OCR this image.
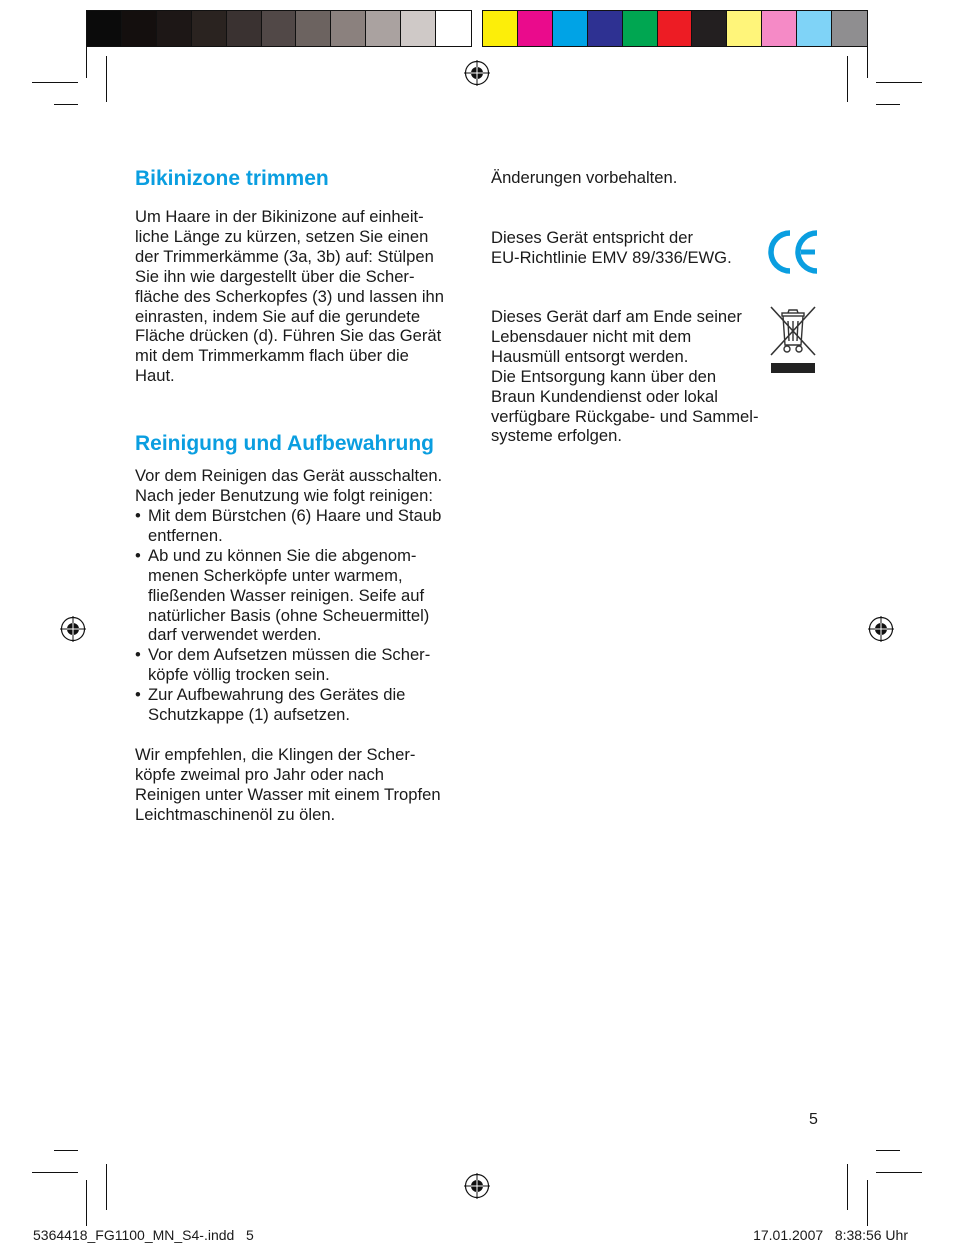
Bikinizone trimmen

Um Haare in der Bikinizone auf einheit-
liche Länge zu kürzen, setzen Sie einen
der Trimmerkämme (3a, 3b) auf: Stülpen
Sie ihn wie dargestellt über die Scher-
fläche des Scherkopfes (3) und lassen ihn
einrasten, indem Sie auf die gerundete
Fläche drücken (d). Führen Sie das Gerät
mit dem Trimmerkamm flach über die
Haut.

Reinigung und Aufbewahrung

Vor dem Reinigen das Gerät ausschalten.
Nach jeder Benutzung wie folgt reinigen:

• Mit dem Bürstchen (6) Haare und Staub
entfernen.
• Ab und zu können Sie die abgenom-
menen Scherköpfe unter warmem,
fließenden Wasser reinigen. Seife auf
natürlicher Basis (ohne Scheuermittel)
darf verwendet werden.
• Vor dem Aufsetzen müssen die Scher-
köpfe völlig trocken sein.
• Zur Aufbewahrung des Gerätes die
Schutzkappe (1) aufsetzen.

Wir empfehlen, die Klingen der Scher-
köpfe zweimal pro Jahr oder nach
Reinigen unter Wasser mit einem Tropfen
Leichtmaschinenöl zu ölen.

Änderungen vorbehalten.

Dieses Gerät entspricht der
EU-Richtlinie EMV 89/336/EWG.

Dieses Gerät darf am Ende seiner
Lebensdauer nicht mit dem
Hausmüll entsorgt werden.
Die Entsorgung kann über den
Braun Kundendienst oder lokal
verfügbare Rückgabe- und Sammel-
systeme erfolgen.

5
5364418_FG1100_MN_S4-.indd   5	17.01.2007   8:38:56 Uhr
